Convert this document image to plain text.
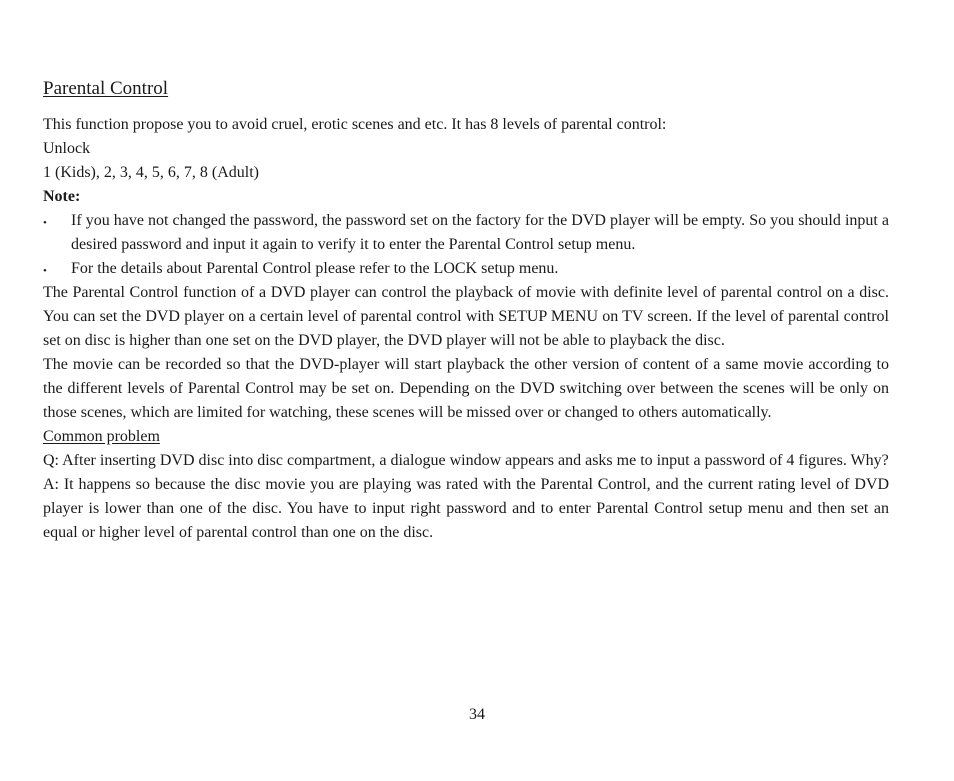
Parental Control

This function propose you to avoid cruel, erotic scenes and etc. It has 8 levels of parental control:

Unlock

1 (Kids), 2, 3, 4, 5, 6, 7, 8 (Adult)

Note:

• If you have not changed the password, the password set on the factory for the DVD player will be empty. So you should input a desired password and input it again to verify it to enter the Parental Control setup menu.
• For the details about Parental Control please refer to the LOCK setup menu.

The Parental Control function of a DVD player can control the playback of movie with definite level of parental control on a disc. You can set the DVD player on a certain level of parental control with SETUP MENU on TV screen. If the level of parental control set on disc is higher than one set on the DVD player, the DVD player will not be able to playback the disc.

The movie can be recorded so that the DVD-player will start playback the other version of content of a same movie according to the different levels of Parental Control may be set on. Depending on the DVD switching over between the scenes will be only on those scenes, which are limited for watching, these scenes will be missed over or changed to others automatically.

Common problem

Q: After inserting DVD disc into disc compartment, a dialogue window appears and asks me to input a password of 4 figures. Why?

A: It happens so because the disc movie you are playing was rated with the Parental Control, and the current rating level of DVD player is lower than one of the disc. You have to input right password and to enter Parental Control setup menu and then set an equal or higher level of parental control than one on the disc.

34
